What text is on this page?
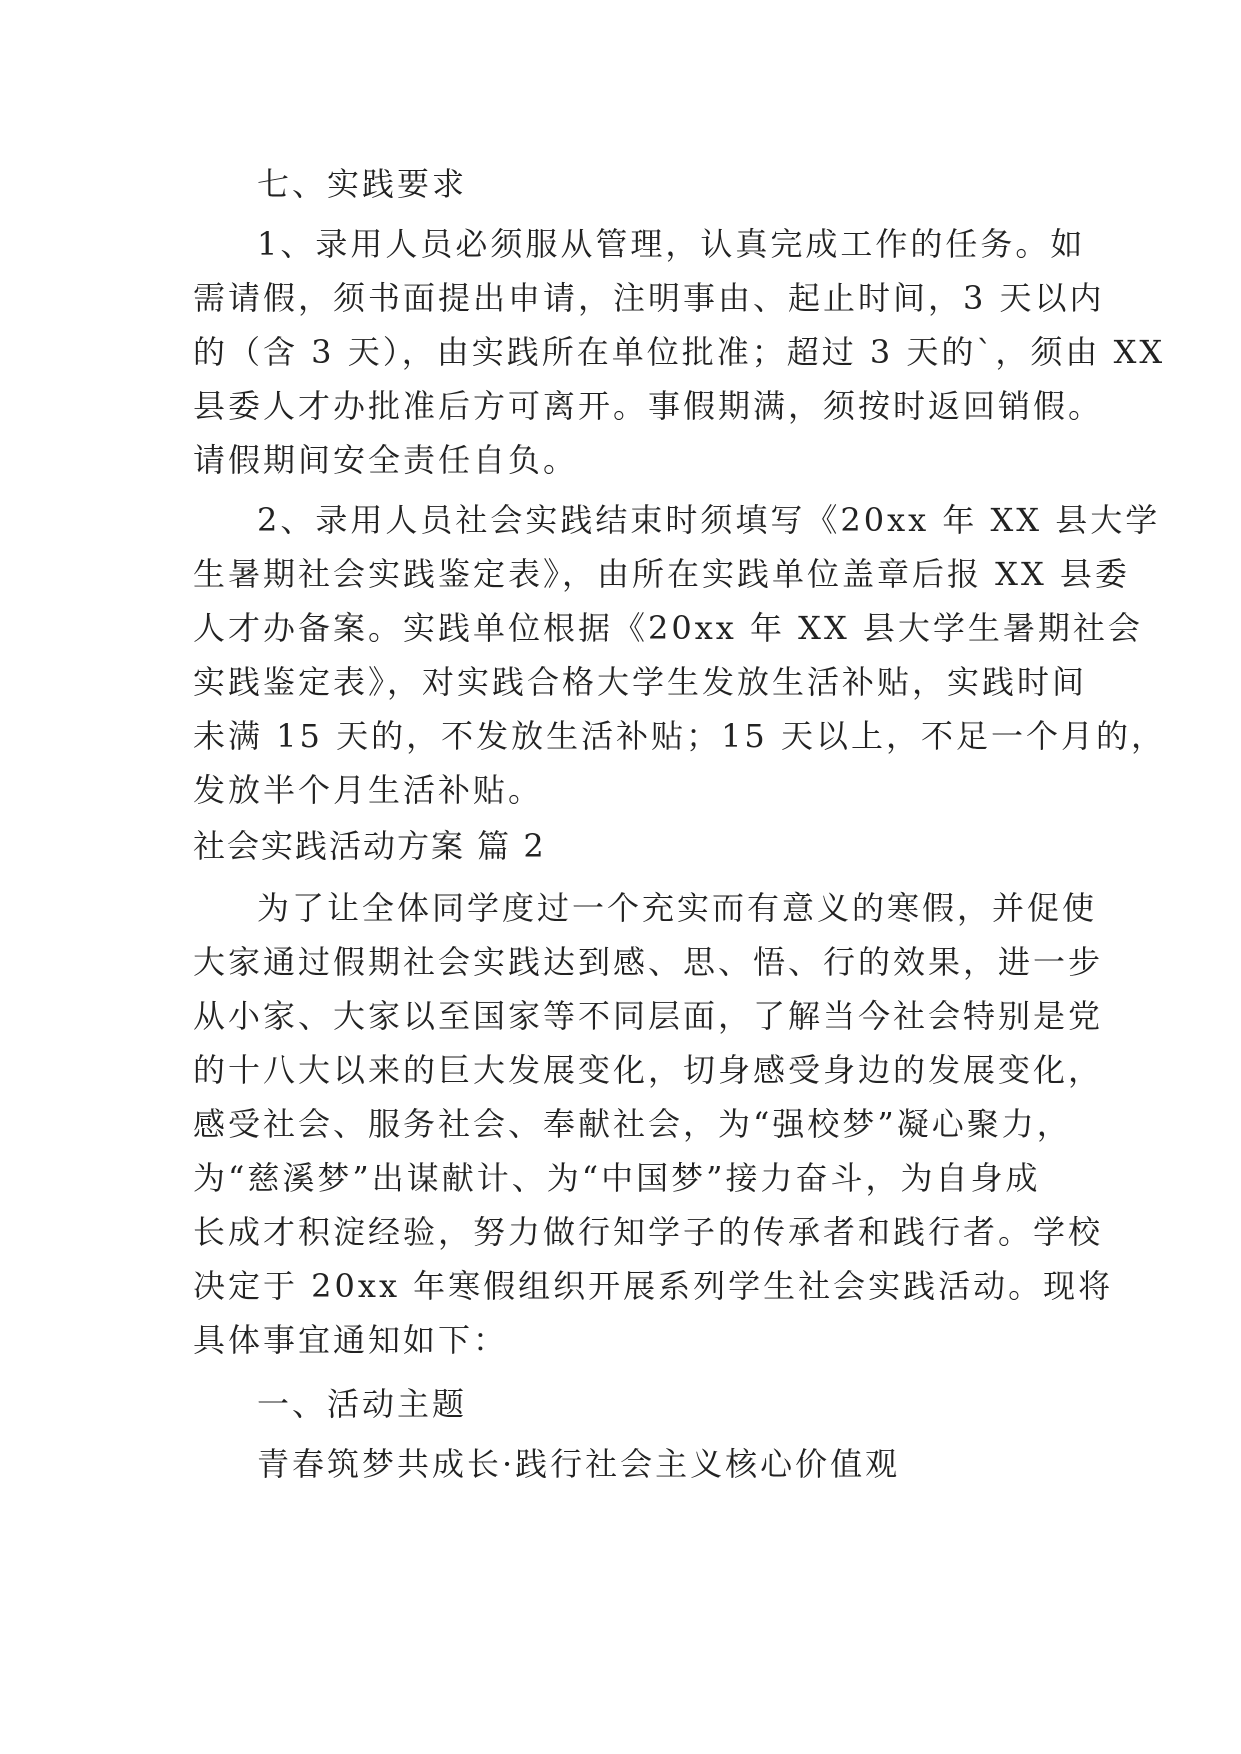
七、实践要求
1、录用人员必须服从管理，认真完成工作的任务。如
需请假，须书面提出申请，注明事由、起止时间，3 天以内
的（含 3 天），由实践所在单位批准；超过 3 天的`，须由 XX
县委人才办批准后方可离开。事假期满，须按时返回销假。
请假期间安全责任自负。
2、录用人员社会实践结束时须填写《20xx 年 XX 县大学
生暑期社会实践鉴定表》，由所在实践单位盖章后报 XX 县委
人才办备案。实践单位根据《20xx 年 XX 县大学生暑期社会
实践鉴定表》，对实践合格大学生发放生活补贴，实践时间
未满 15 天的，不发放生活补贴；15 天以上，不足一个月的，
发放半个月生活补贴。
社会实践活动方案 篇 2
为了让全体同学度过一个充实而有意义的寒假，并促使
大家通过假期社会实践达到感、思、悟、行的效果，进一步
从小家、大家以至国家等不同层面，了解当今社会特别是党
的十八大以来的巨大发展变化，切身感受身边的发展变化，
感受社会、服务社会、奉献社会，为“强校梦”凝心聚力，
为“慈溪梦”出谋献计、为“中国梦”接力奋斗，为自身成
长成才积淀经验，努力做行知学子的传承者和践行者。学校
决定于 20xx 年寒假组织开展系列学生社会实践活动。现将
具体事宜通知如下：
一、活动主题
青春筑梦共成长·践行社会主义核心价值观
